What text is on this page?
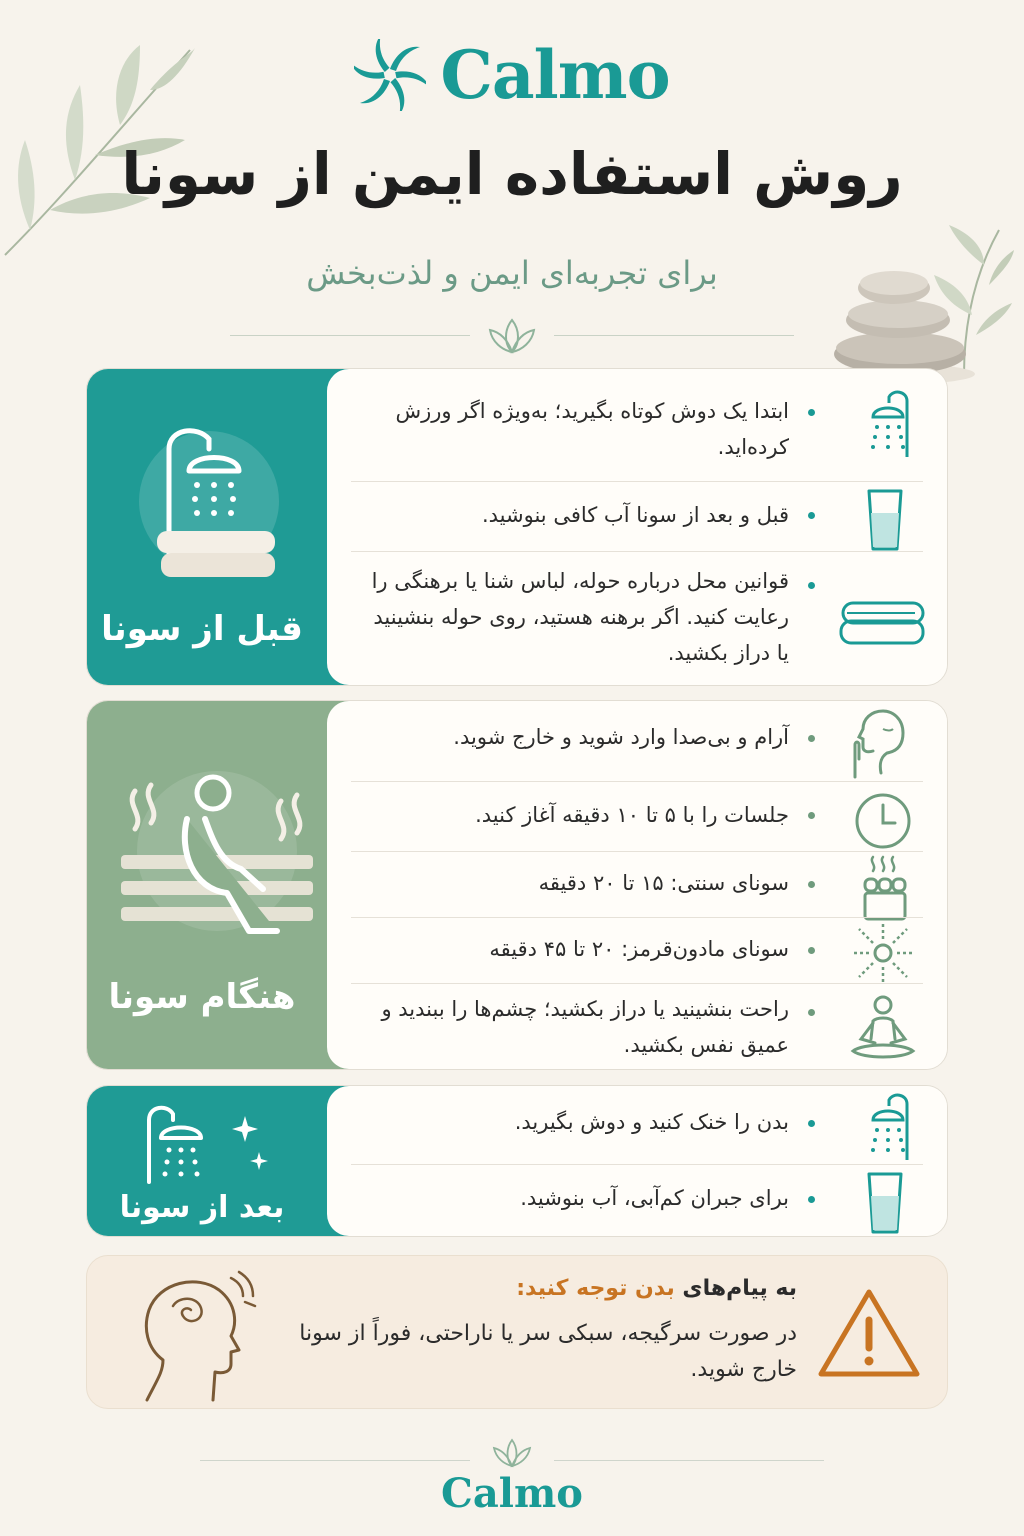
Calmo
روش استفاده ایمن از سونا
برای تجربه‌ای ایمن و لذت‌بخش
قبل از سونا
ابتدا یک دوش کوتاه بگیرید؛ به‌ویژه اگر ورزش کرده‌اید.
قبل و بعد از سونا آب کافی بنوشید.
قوانین محل درباره حوله، لباس شنا یا برهنگی را رعایت کنید. اگر برهنه هستید، روی حوله بنشینید یا دراز بکشید.
هنگام سونا
آرام و بی‌صدا وارد شوید و خارج شوید.
جلسات را با ۵ تا ۱۰ دقیقه آغاز کنید.
سونای سنتی: ۱۵ تا ۲۰ دقیقه
سونای مادون‌قرمز: ۲۰ تا ۴۵ دقیقه
راحت بنشینید یا دراز بکشید؛ چشم‌ها را ببندید و عمیق نفس بکشید.
بعد از سونا
بدن را خنک کنید و دوش بگیرید.
برای جبران کم‌آبی، آب بنوشید.
به پیام‌های بدن توجه کنید:
در صورت سرگیجه، سبکی سر یا ناراحتی، فوراً از سونا خارج شوید.
Calmo
